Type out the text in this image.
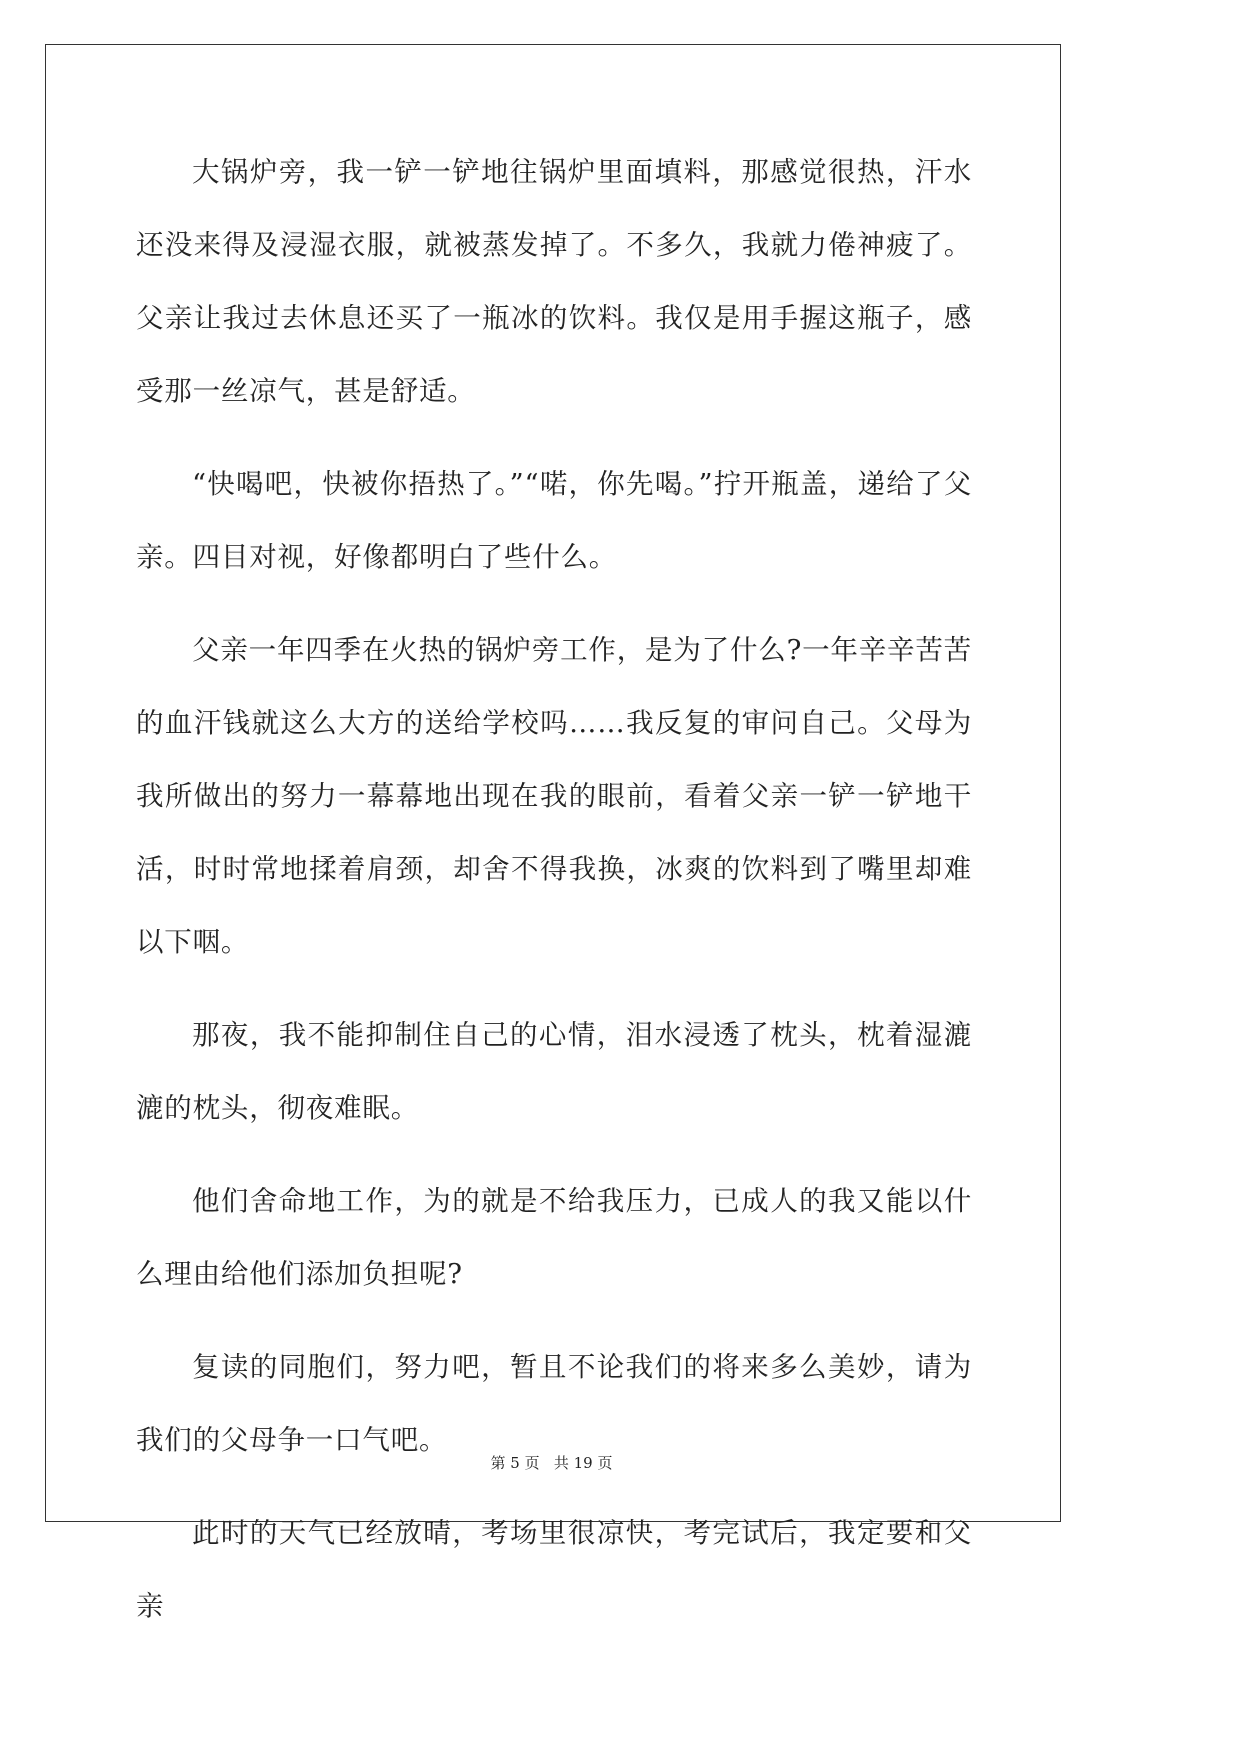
大锅炉旁，我一铲一铲地往锅炉里面填料，那感觉很热，汗水还没来得及浸湿衣服，就被蒸发掉了。不多久，我就力倦神疲了。父亲让我过去休息还买了一瓶冰的饮料。我仅是用手握这瓶子，感受那一丝凉气，甚是舒适。

“快喝吧，快被你捂热了。”“喏，你先喝。”拧开瓶盖，递给了父亲。四目对视，好像都明白了些什么。

父亲一年四季在火热的锅炉旁工作，是为了什么?一年辛辛苦苦的血汗钱就这么大方的送给学校吗……我反复的审问自己。父母为我所做出的努力一幕幕地出现在我的眼前，看着父亲一铲一铲地干活，时时常地揉着肩颈，却舍不得我换，冰爽的饮料到了嘴里却难以下咽。

那夜，我不能抑制住自己的心情，泪水浸透了枕头，枕着湿漉漉的枕头，彻夜难眠。

他们舍命地工作，为的就是不给我压力，已成人的我又能以什么理由给他们添加负担呢?

复读的同胞们，努力吧，暂且不论我们的将来多么美妙，请为我们的父母争一口气吧。

此时的天气已经放晴，考场里很凉快，考完试后，我定要和父亲

第 5 页   共 19 页
